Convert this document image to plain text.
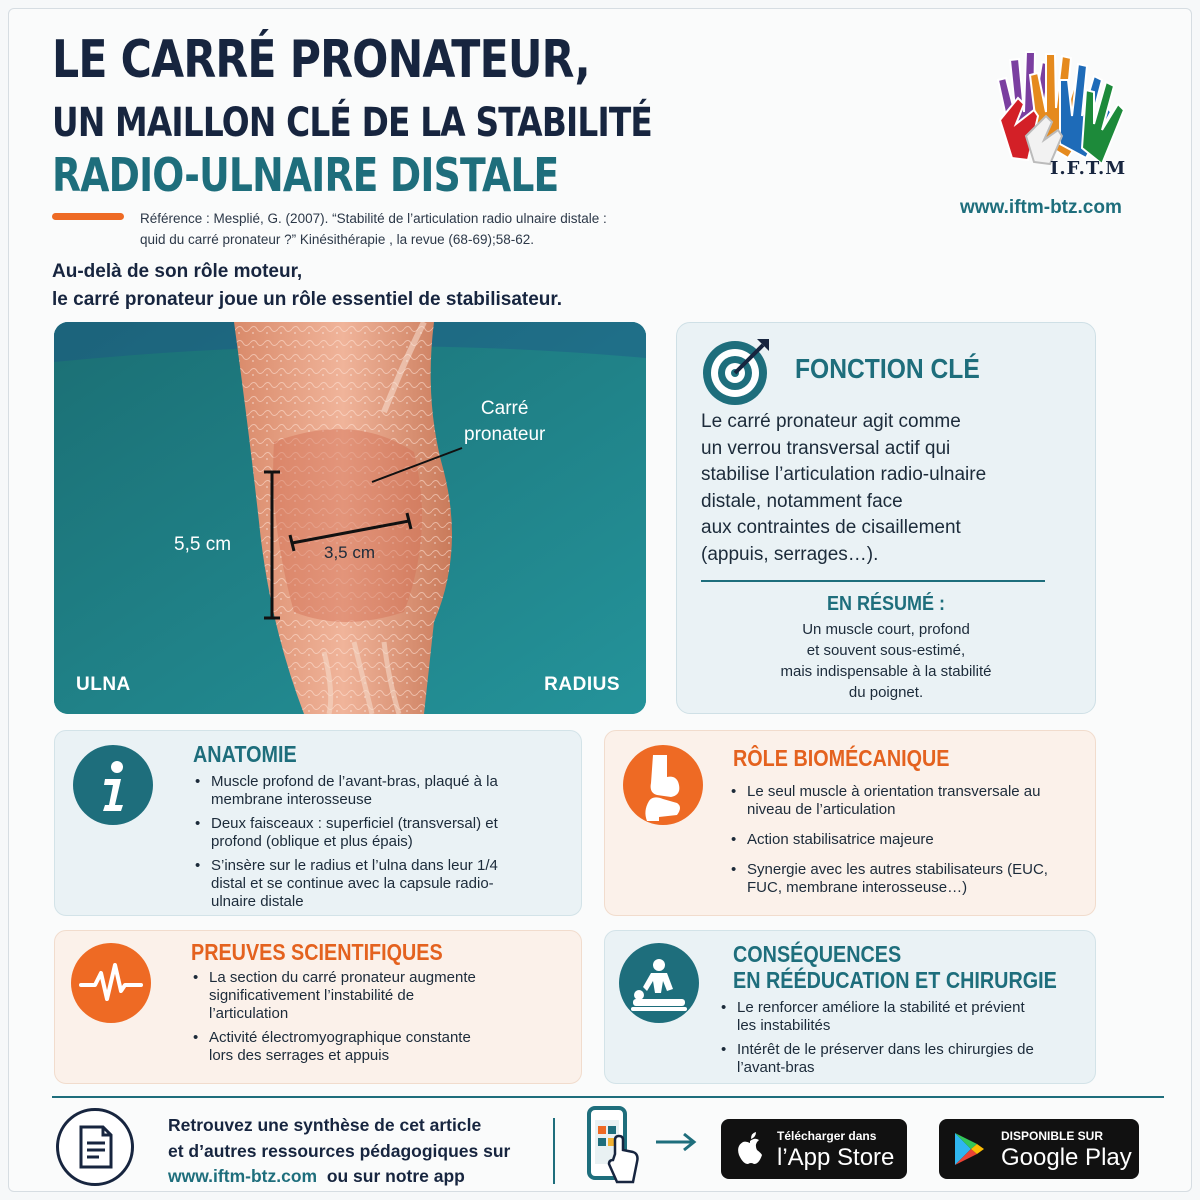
LE CARRÉ PRONATEUR,
UN MAILLON CLÉ DE LA STABILITÉ
RADIO-ULNAIRE DISTALE
Référence : Mesplié, G. (2007). “Stabilité de l’articulation radio ulnaire distale :
quid du carré pronateur ?” Kinésithérapie , la revue (68-69);58-62.
Au-delà de son rôle moteur,
le carré pronateur joue un rôle essentiel de stabilisateur.
I.F.T.M
www.iftm-btz.com
Carré
pronateur
5,5 cm	3,5 cm
ULNA	RADIUS
FONCTION CLÉ
Le carré pronateur agit comme
un verrou transversal actif qui
stabilise l’articulation radio-ulnaire
distale, notamment face
aux contraintes de cisaillement
(appuis, serrages…).
EN RÉSUMÉ :
Un muscle court, profond
et souvent sous-estimé,
mais indispensable à la stabilité
du poignet.
ANATOMIE
• Muscle profond de l’avant-bras, plaqué à la membrane interosseuse
• Deux faisceaux : superficiel (transversal) et profond (oblique et plus épais)
• S’insère sur le radius et l’ulna dans leur 1/4 distal et se continue avec la capsule radio-ulnaire distale
RÔLE BIOMÉCANIQUE
• Le seul muscle à orientation transversale au niveau de l’articulation
• Action stabilisatrice majeure
• Synergie avec les autres stabilisateurs (EUC, FUC, membrane interosseuse…)
PREUVES SCIENTIFIQUES
• La section du carré pronateur augmente significativement l’instabilité de l’articulation
• Activité électromyographique constante lors des serrages et appuis
CONSÉQUENCES
EN RÉÉDUCATION ET CHIRURGIE
• Le renforcer améliore la stabilité et prévient les instabilités
• Intérêt de le préserver dans les chirurgies de l’avant-bras
Retrouvez une synthèse de cet article
et d’autres ressources pédagogiques sur
www.iftm-btz.com ou sur notre app
Télécharger dans
l’App Store
DISPONIBLE SUR
Google Play
